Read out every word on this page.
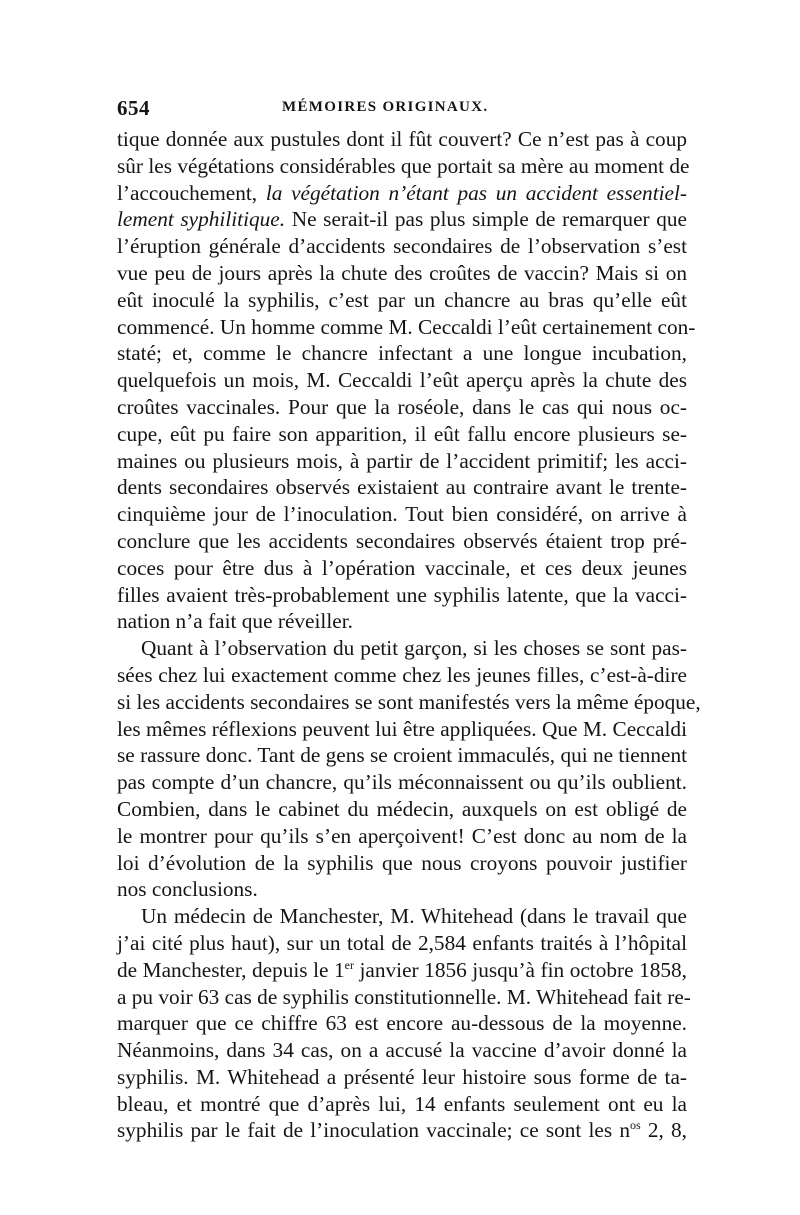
654	MÉMOIRES ORIGINAUX.
tique donnée aux pustules dont il fût couvert? Ce n’est pas à coup
sûr les végétations considérables que portait sa mère au moment de
l’accouchement, la végétation n’étant pas un accident essentiel-
lement syphilitique. Ne serait-il pas plus simple de remarquer que
l’éruption générale d’accidents secondaires de l’observation s’est
vue peu de jours après la chute des croûtes de vaccin? Mais si on
eût inoculé la syphilis, c’est par un chancre au bras qu’elle eût
commencé. Un homme comme M. Ceccaldi l’eût certainement con-
staté; et, comme le chancre infectant a une longue incubation,
quelquefois un mois, M. Ceccaldi l’eût aperçu après la chute des
croûtes vaccinales. Pour que la roséole, dans le cas qui nous oc-
cupe, eût pu faire son apparition, il eût fallu encore plusieurs se-
maines ou plusieurs mois, à partir de l’accident primitif; les acci-
dents secondaires observés existaient au contraire avant le trente-
cinquième jour de l’inoculation. Tout bien considéré, on arrive à
conclure que les accidents secondaires observés étaient trop pré-
coces pour être dus à l’opération vaccinale, et ces deux jeunes
filles avaient très-probablement une syphilis latente, que la vacci-
nation n’a fait que réveiller.
Quant à l’observation du petit garçon, si les choses se sont pas-
sées chez lui exactement comme chez les jeunes filles, c’est-à-dire
si les accidents secondaires se sont manifestés vers la même époque,
les mêmes réflexions peuvent lui être appliquées. Que M. Ceccaldi
se rassure donc. Tant de gens se croient immaculés, qui ne tiennent
pas compte d’un chancre, qu’ils méconnaissent ou qu’ils oublient.
Combien, dans le cabinet du médecin, auxquels on est obligé de
le montrer pour qu’ils s’en aperçoivent! C’est donc au nom de la
loi d’évolution de la syphilis que nous croyons pouvoir justifier
nos conclusions.
Un médecin de Manchester, M. Whitehead (dans le travail que
j’ai cité plus haut), sur un total de 2,584 enfants traités à l’hôpital
de Manchester, depuis le 1er janvier 1856 jusqu’à fin octobre 1858,
a pu voir 63 cas de syphilis constitutionnelle. M. Whitehead fait re-
marquer que ce chiffre 63 est encore au-dessous de la moyenne.
Néanmoins, dans 34 cas, on a accusé la vaccine d’avoir donné la
syphilis. M. Whitehead a présenté leur histoire sous forme de ta-
bleau, et montré que d’après lui, 14 enfants seulement ont eu la
syphilis par le fait de l’inoculation vaccinale; ce sont les $n^{os}$ 2, 8,
